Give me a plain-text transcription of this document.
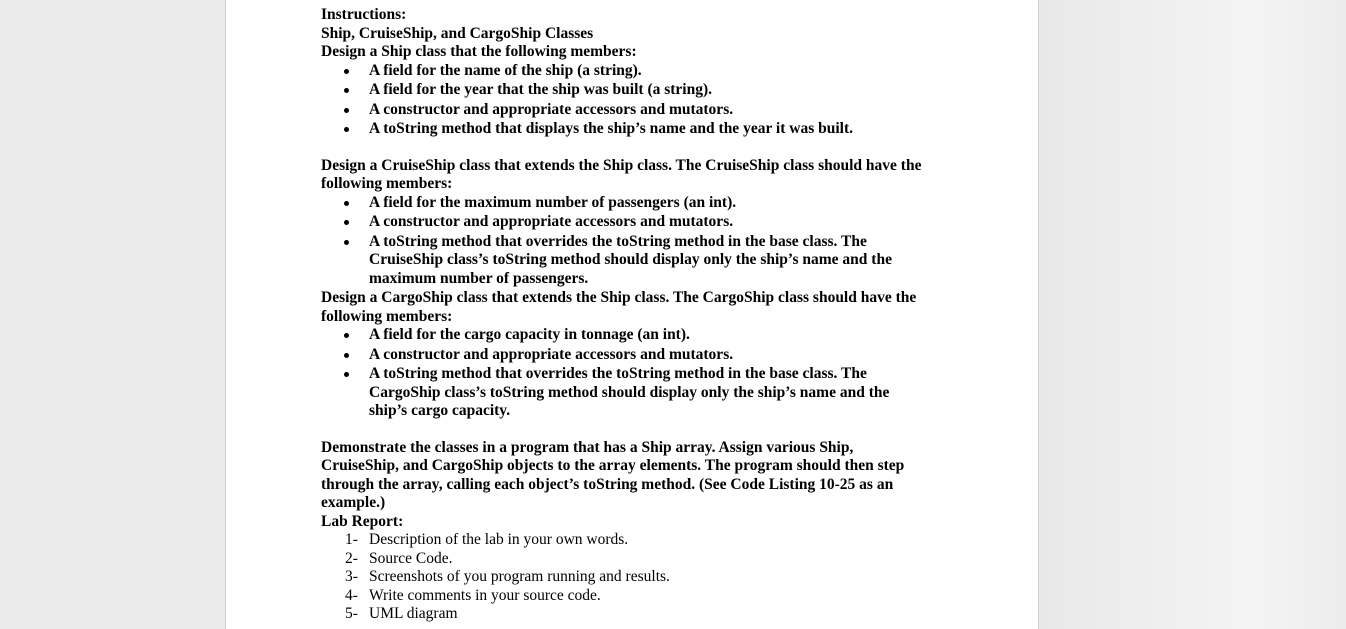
Instructions:

Ship, CruiseShip, and CargoShip Classes

Design a Ship class that the following members:

A field for the name of the ship (a string).
A field for the year that the ship was built (a string).
A constructor and appropriate accessors and mutators.
A toString method that displays the ship’s name and the year it was built.

Design a CruiseShip class that extends the Ship class. The CruiseShip class should have the

following members:

A field for the maximum number of passengers (an int).
A constructor and appropriate accessors and mutators.
A toString method that overrides the toString method in the base class. The
CruiseShip class’s toString method should display only the ship’s name and the
maximum number of passengers.

Design a CargoShip class that extends the Ship class. The CargoShip class should have the

following members:

A field for the cargo capacity in tonnage (an int).
A constructor and appropriate accessors and mutators.
A toString method that overrides the toString method in the base class. The
CargoShip class’s toString method should display only the ship’s name and the
ship’s cargo capacity.

Demonstrate the classes in a program that has a Ship array. Assign various Ship,

CruiseShip, and CargoShip objects to the array elements. The program should then step

through the array, calling each object’s toString method. (See Code Listing 10-25 as an

example.)

Lab Report:

1- Description of the lab in your own words.
2- Source Code.
3- Screenshots of you program running and results.
4- Write comments in your source code.
5- UML diagram
